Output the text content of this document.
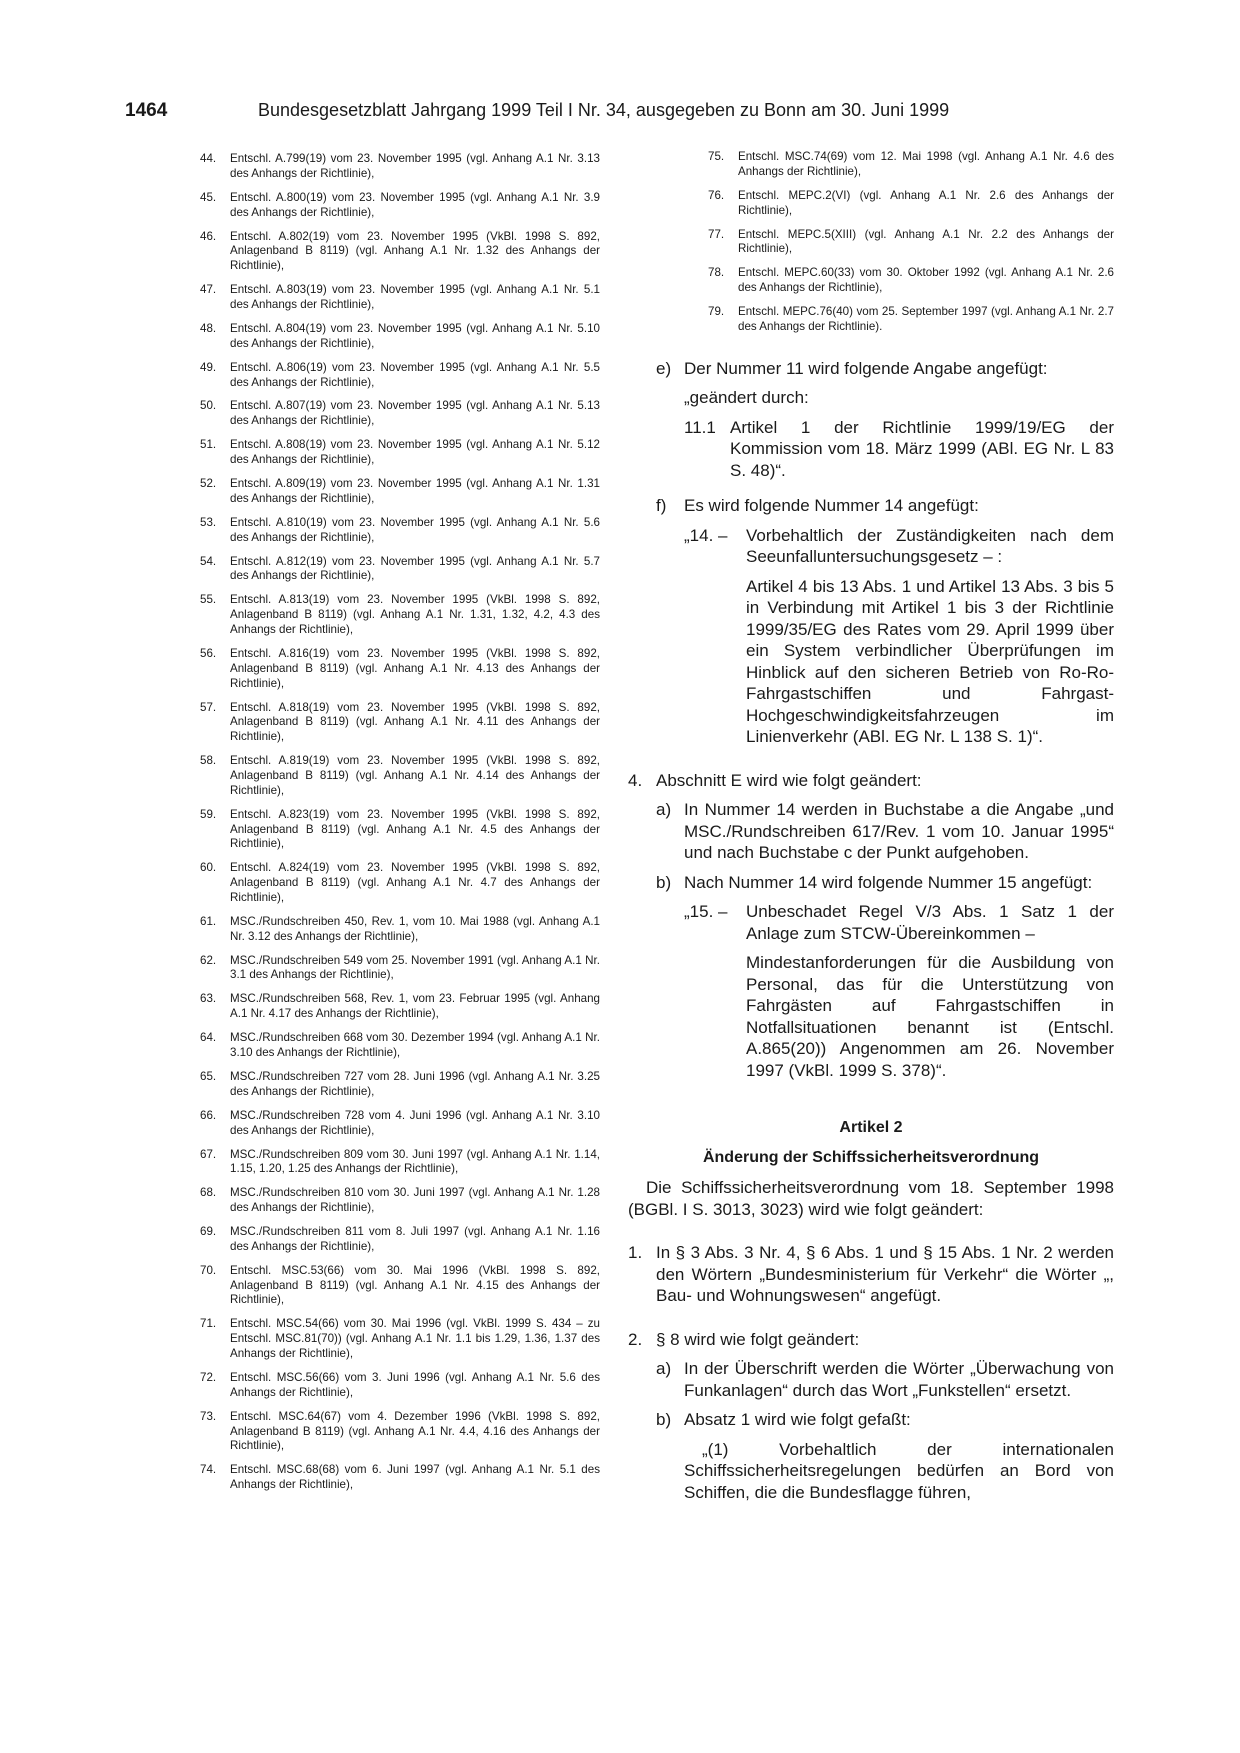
1464	Bundesgesetzblatt Jahrgang 1999 Teil I Nr. 34, ausgegeben zu Bonn am 30. Juni 1999
44.	Entschl. A.799(19) vom 23. November 1995 (vgl. Anhang A.1 Nr. 3.13 des Anhangs der Richtlinie),
45.	Entschl. A.800(19) vom 23. November 1995 (vgl. Anhang A.1 Nr. 3.9 des Anhangs der Richtlinie),
46.	Entschl. A.802(19) vom 23. November 1995 (VkBl. 1998 S. 892, Anlagenband B 8119) (vgl. Anhang A.1 Nr. 1.32 des Anhangs der Richtlinie),
47.	Entschl. A.803(19) vom 23. November 1995 (vgl. Anhang A.1 Nr. 5.1 des Anhangs der Richtlinie),
48.	Entschl. A.804(19) vom 23. November 1995 (vgl. Anhang A.1 Nr. 5.10 des Anhangs der Richtlinie),
49.	Entschl. A.806(19) vom 23. November 1995 (vgl. Anhang A.1 Nr. 5.5 des Anhangs der Richtlinie),
50.	Entschl. A.807(19) vom 23. November 1995 (vgl. Anhang A.1 Nr. 5.13 des Anhangs der Richtlinie),
51.	Entschl. A.808(19) vom 23. November 1995 (vgl. Anhang A.1 Nr. 5.12 des Anhangs der Richtlinie),
52.	Entschl. A.809(19) vom 23. November 1995 (vgl. Anhang A.1 Nr. 1.31 des Anhangs der Richtlinie),
53.	Entschl. A.810(19) vom 23. November 1995 (vgl. Anhang A.1 Nr. 5.6 des Anhangs der Richtlinie),
54.	Entschl. A.812(19) vom 23. November 1995 (vgl. Anhang A.1 Nr. 5.7 des Anhangs der Richtlinie),
55.	Entschl. A.813(19) vom 23. November 1995 (VkBl. 1998 S. 892, Anlagenband B 8119) (vgl. Anhang A.1 Nr. 1.31, 1.32, 4.2, 4.3 des Anhangs der Richtlinie),
56.	Entschl. A.816(19) vom 23. November 1995 (VkBl. 1998 S. 892, Anlagenband B 8119) (vgl. Anhang A.1 Nr. 4.13 des Anhangs der Richtlinie),
57.	Entschl. A.818(19) vom 23. November 1995 (VkBl. 1998 S. 892, Anlagenband B 8119) (vgl. Anhang A.1 Nr. 4.11 des Anhangs der Richtlinie),
58.	Entschl. A.819(19) vom 23. November 1995 (VkBl. 1998 S. 892, Anlagenband B 8119) (vgl. Anhang A.1 Nr. 4.14 des Anhangs der Richtlinie),
59.	Entschl. A.823(19) vom 23. November 1995 (VkBl. 1998 S. 892, Anlagenband B 8119) (vgl. Anhang A.1 Nr. 4.5 des Anhangs der Richtlinie),
60.	Entschl. A.824(19) vom 23. November 1995 (VkBl. 1998 S. 892, Anlagenband B 8119) (vgl. Anhang A.1 Nr. 4.7 des Anhangs der Richtlinie),
61.	MSC./Rundschreiben 450, Rev. 1, vom 10. Mai 1988 (vgl. Anhang A.1 Nr. 3.12 des Anhangs der Richtlinie),
62.	MSC./Rundschreiben 549 vom 25. November 1991 (vgl. Anhang A.1 Nr. 3.1 des Anhangs der Richtlinie),
63.	MSC./Rundschreiben 568, Rev. 1, vom 23. Februar 1995 (vgl. Anhang A.1 Nr. 4.17 des Anhangs der Richtlinie),
64.	MSC./Rundschreiben 668 vom 30. Dezember 1994 (vgl. Anhang A.1 Nr. 3.10 des Anhangs der Richtlinie),
65.	MSC./Rundschreiben 727 vom 28. Juni 1996 (vgl. Anhang A.1 Nr. 3.25 des Anhangs der Richtlinie),
66.	MSC./Rundschreiben 728 vom 4. Juni 1996 (vgl. Anhang A.1 Nr. 3.10 des Anhangs der Richtlinie),
67.	MSC./Rundschreiben 809 vom 30. Juni 1997 (vgl. Anhang A.1 Nr. 1.14, 1.15, 1.20, 1.25 des Anhangs der Richtlinie),
68.	MSC./Rundschreiben 810 vom 30. Juni 1997 (vgl. Anhang A.1 Nr. 1.28 des Anhangs der Richtlinie),
69.	MSC./Rundschreiben 811 vom 8. Juli 1997 (vgl. Anhang A.1 Nr. 1.16 des Anhangs der Richtlinie),
70.	Entschl. MSC.53(66) vom 30. Mai 1996 (VkBl. 1998 S. 892, Anlagenband B 8119) (vgl. Anhang A.1 Nr. 4.15 des Anhangs der Richtlinie),
71.	Entschl. MSC.54(66) vom 30. Mai 1996 (vgl. VkBl. 1999 S. 434 – zu Entschl. MSC.81(70)) (vgl. Anhang A.1 Nr. 1.1 bis 1.29, 1.36, 1.37 des Anhangs der Richtlinie),
72.	Entschl. MSC.56(66) vom 3. Juni 1996 (vgl. Anhang A.1 Nr. 5.6 des Anhangs der Richtlinie),
73.	Entschl. MSC.64(67) vom 4. Dezember 1996 (VkBl. 1998 S. 892, Anlagenband B 8119) (vgl. Anhang A.1 Nr. 4.4, 4.16 des Anhangs der Richtlinie),
74.	Entschl. MSC.68(68) vom 6. Juni 1997 (vgl. Anhang A.1 Nr. 5.1 des Anhangs der Richtlinie),
75.	Entschl. MSC.74(69) vom 12. Mai 1998 (vgl. Anhang A.1 Nr. 4.6 des Anhangs der Richtlinie),
76.	Entschl. MEPC.2(VI) (vgl. Anhang A.1 Nr. 2.6 des Anhangs der Richtlinie),
77.	Entschl. MEPC.5(XIII) (vgl. Anhang A.1 Nr. 2.2 des Anhangs der Richtlinie),
78.	Entschl. MEPC.60(33) vom 30. Oktober 1992 (vgl. Anhang A.1 Nr. 2.6 des Anhangs der Richtlinie),
79.	Entschl. MEPC.76(40) vom 25. September 1997 (vgl. Anhang A.1 Nr. 2.7 des Anhangs der Richtlinie).
e) Der Nummer 11 wird folgende Angabe angefügt:
„geändert durch:
11.1 Artikel 1 der Richtlinie 1999/19/EG der Kommission vom 18. März 1999 (ABl. EG Nr. L 83 S. 48)“.
f)	Es wird folgende Nummer 14 angefügt:
„14. –	Vorbehaltlich der Zuständigkeiten nach dem Seeunfalluntersuchungsgesetz – :
Artikel 4 bis 13 Abs. 1 und Artikel 13 Abs. 3 bis 5 in Verbindung mit Artikel 1 bis 3 der Richtlinie 1999/35/EG des Rates vom 29. April 1999 über ein System verbindlicher Überprüfungen im Hinblick auf den sicheren Betrieb von Ro-Ro-Fahrgastschiffen und Fahrgast-Hochgeschwindigkeitsfahrzeugen im Linienverkehr (ABl. EG Nr. L 138 S. 1)“.
4. Abschnitt E wird wie folgt geändert:
a) In Nummer 14 werden in Buchstabe a die Angabe „und MSC./Rundschreiben 617/Rev. 1 vom 10. Januar 1995“ und nach Buchstabe c der Punkt aufgehoben.
b) Nach Nummer 14 wird folgende Nummer 15 angefügt:
„15. –	Unbeschadet Regel V/3 Abs. 1 Satz 1 der Anlage zum STCW-Übereinkommen –
Mindestanforderungen für die Ausbildung von Personal, das für die Unterstützung von Fahrgästen auf Fahrgastschiffen in Notfallsituationen benannt ist (Entschl. A.865(20)) Angenommen am 26. November 1997 (VkBl. 1999 S. 378)“.
Artikel 2
Änderung der Schiffssicherheitsverordnung
Die Schiffssicherheitsverordnung vom 18. September 1998 (BGBl. I S. 3013, 3023) wird wie folgt geändert:
1. In § 3 Abs. 3 Nr. 4, § 6 Abs. 1 und § 15 Abs. 1 Nr. 2 werden den Wörtern „Bundesministerium für Verkehr“ die Wörter „, Bau- und Wohnungswesen“ angefügt.
2. § 8 wird wie folgt geändert:
a) In der Überschrift werden die Wörter „Überwachung von Funkanlagen“ durch das Wort „Funkstellen“ ersetzt.
b) Absatz 1 wird wie folgt gefaßt:
„(1) Vorbehaltlich der internationalen Schiffssicherheitsregelungen bedürfen an Bord von Schiffen, die die Bundesflagge führen,
